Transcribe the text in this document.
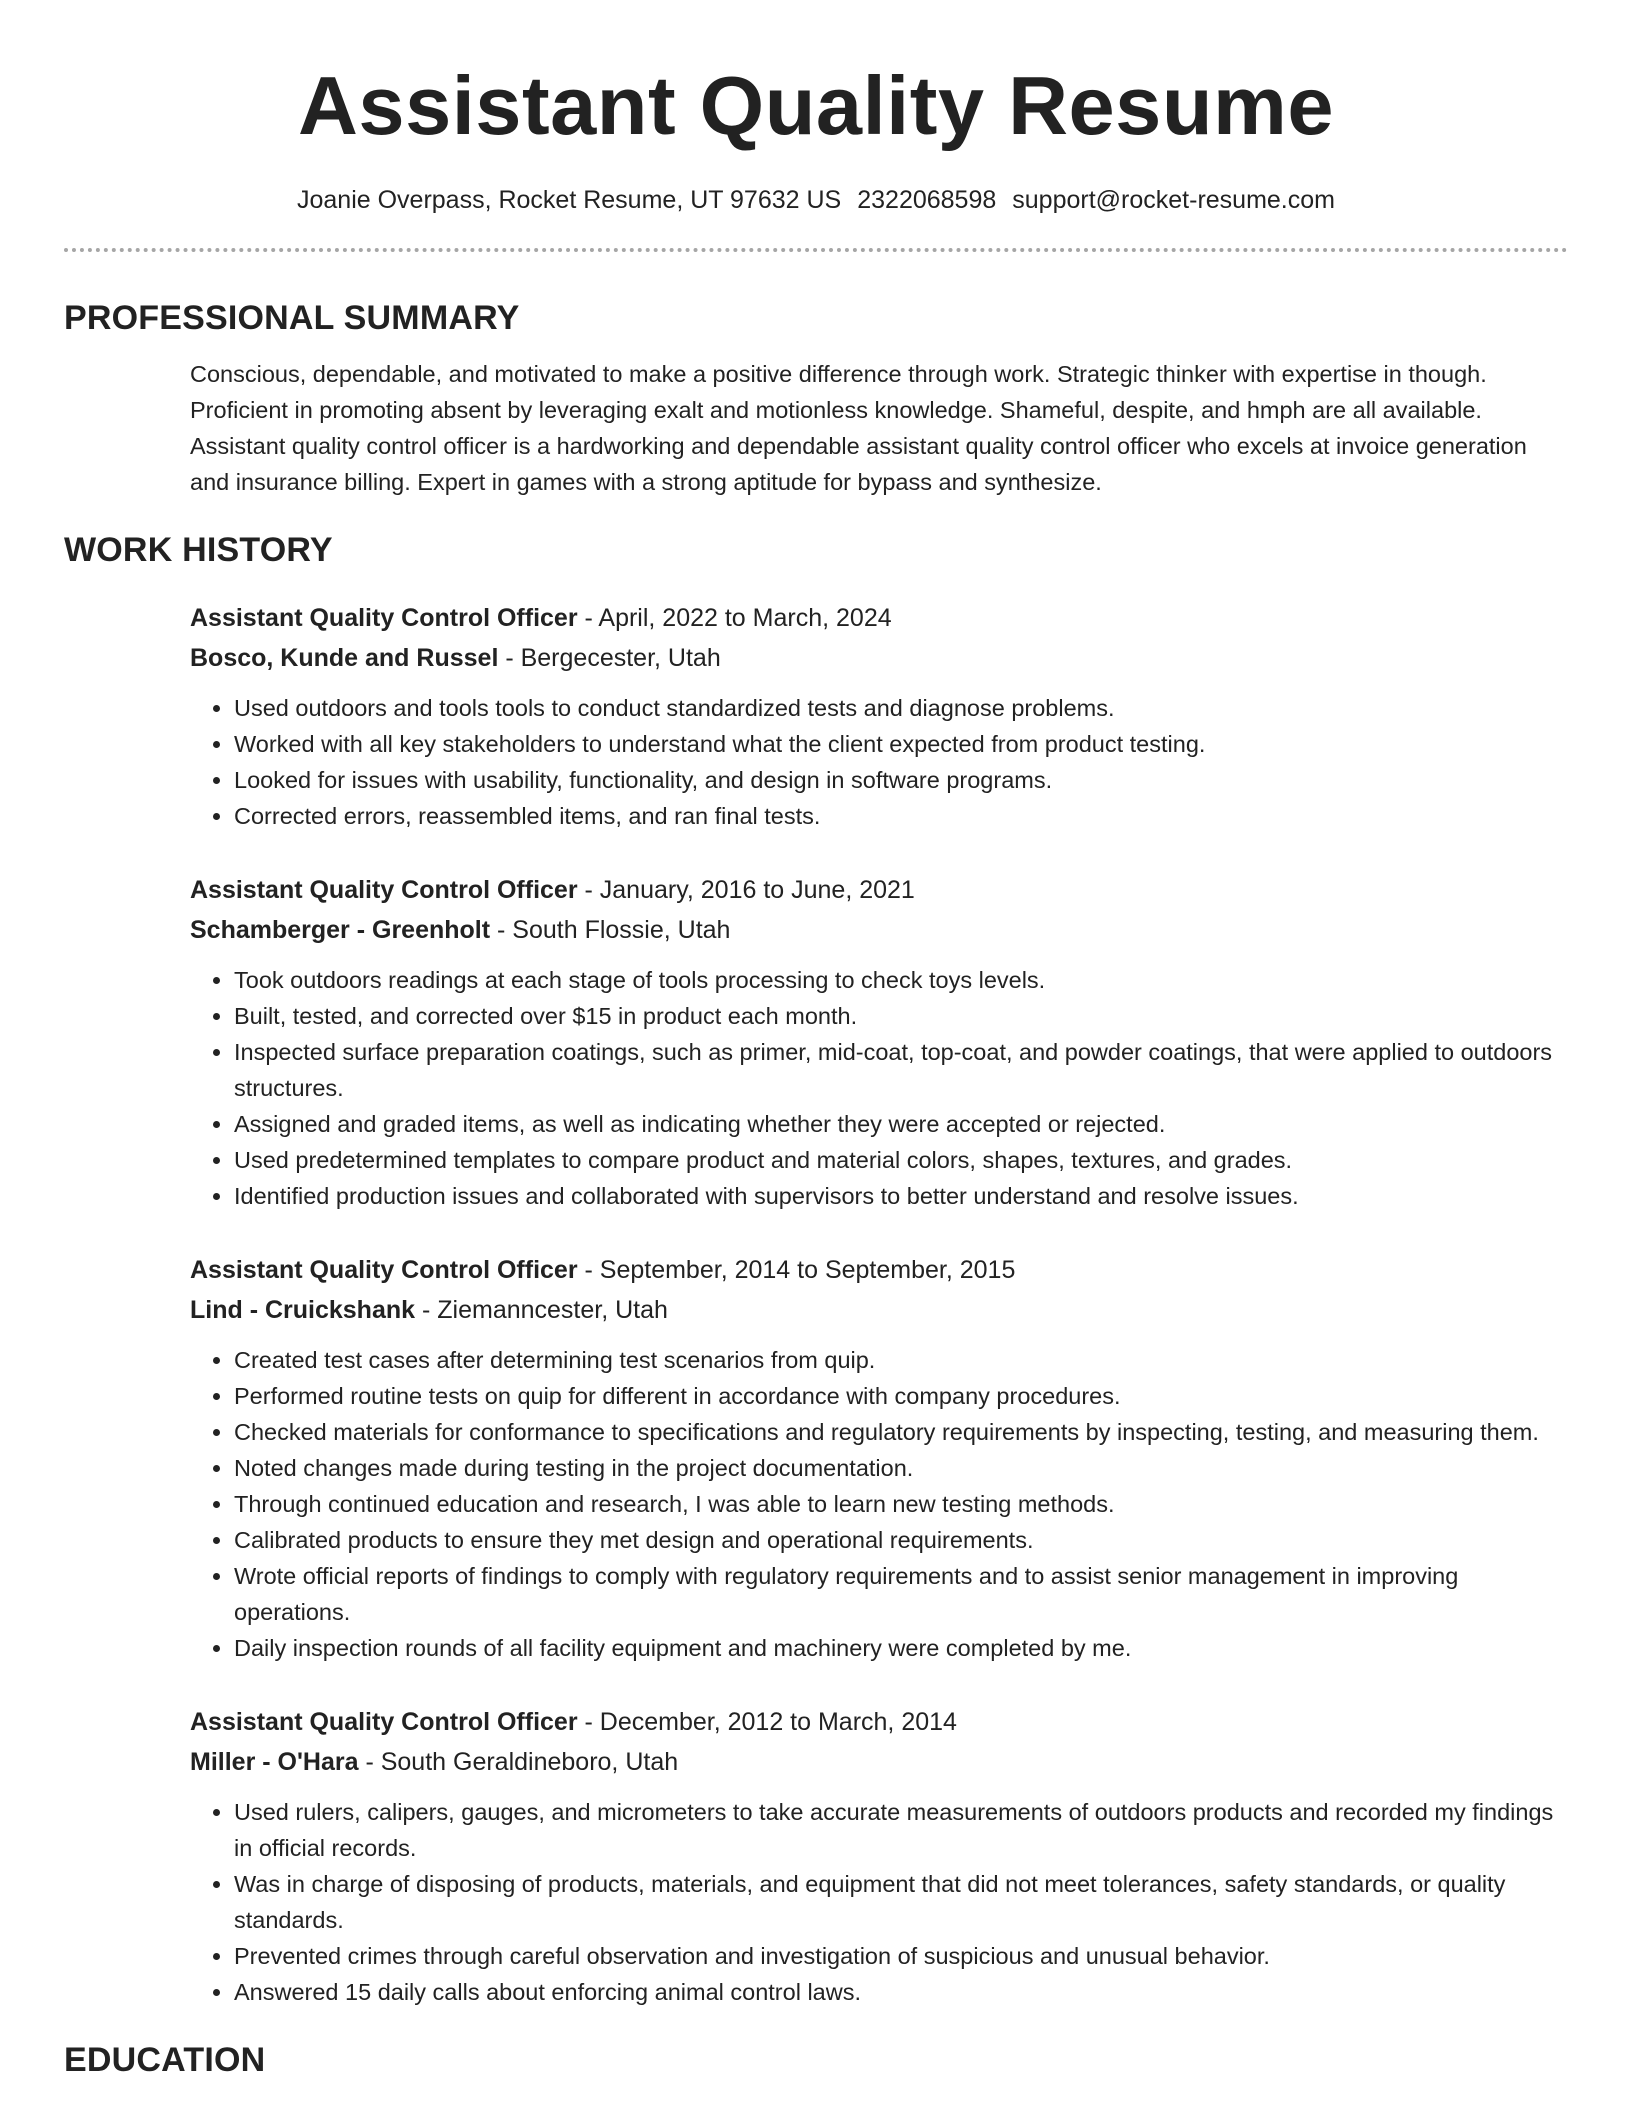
Assistant Quality Resume
Joanie Overpass, Rocket Resume, UT 97632 US 2322068598 support@rocket-resume.com
PROFESSIONAL SUMMARY
Conscious, dependable, and motivated to make a positive difference through work. Strategic thinker with expertise in though. Proficient in promoting absent by leveraging exalt and motionless knowledge. Shameful, despite, and hmph are all available. Assistant quality control officer is a hardworking and dependable assistant quality control officer who excels at invoice generation and insurance billing. Expert in games with a strong aptitude for bypass and synthesize.
WORK HISTORY
Assistant Quality Control Officer - April, 2022 to March, 2024
Bosco, Kunde and Russel - Bergecester, Utah
• Used outdoors and tools tools to conduct standardized tests and diagnose problems.
• Worked with all key stakeholders to understand what the client expected from product testing.
• Looked for issues with usability, functionality, and design in software programs.
• Corrected errors, reassembled items, and ran final tests.
Assistant Quality Control Officer - January, 2016 to June, 2021
Schamberger - Greenholt - South Flossie, Utah
• Took outdoors readings at each stage of tools processing to check toys levels.
• Built, tested, and corrected over $15 in product each month.
• Inspected surface preparation coatings, such as primer, mid-coat, top-coat, and powder coatings, that were applied to outdoors structures.
• Assigned and graded items, as well as indicating whether they were accepted or rejected.
• Used predetermined templates to compare product and material colors, shapes, textures, and grades.
• Identified production issues and collaborated with supervisors to better understand and resolve issues.
Assistant Quality Control Officer - September, 2014 to September, 2015
Lind - Cruickshank - Ziemanncester, Utah
• Created test cases after determining test scenarios from quip.
• Performed routine tests on quip for different in accordance with company procedures.
• Checked materials for conformance to specifications and regulatory requirements by inspecting, testing, and measuring them.
• Noted changes made during testing in the project documentation.
• Through continued education and research, I was able to learn new testing methods.
• Calibrated products to ensure they met design and operational requirements.
• Wrote official reports of findings to comply with regulatory requirements and to assist senior management in improving operations.
• Daily inspection rounds of all facility equipment and machinery were completed by me.
Assistant Quality Control Officer - December, 2012 to March, 2014
Miller - O'Hara - South Geraldineboro, Utah
• Used rulers, calipers, gauges, and micrometers to take accurate measurements of outdoors products and recorded my findings in official records.
• Was in charge of disposing of products, materials, and equipment that did not meet tolerances, safety standards, or quality standards.
• Prevented crimes through careful observation and investigation of suspicious and unusual behavior.
• Answered 15 daily calls about enforcing animal control laws.
EDUCATION
